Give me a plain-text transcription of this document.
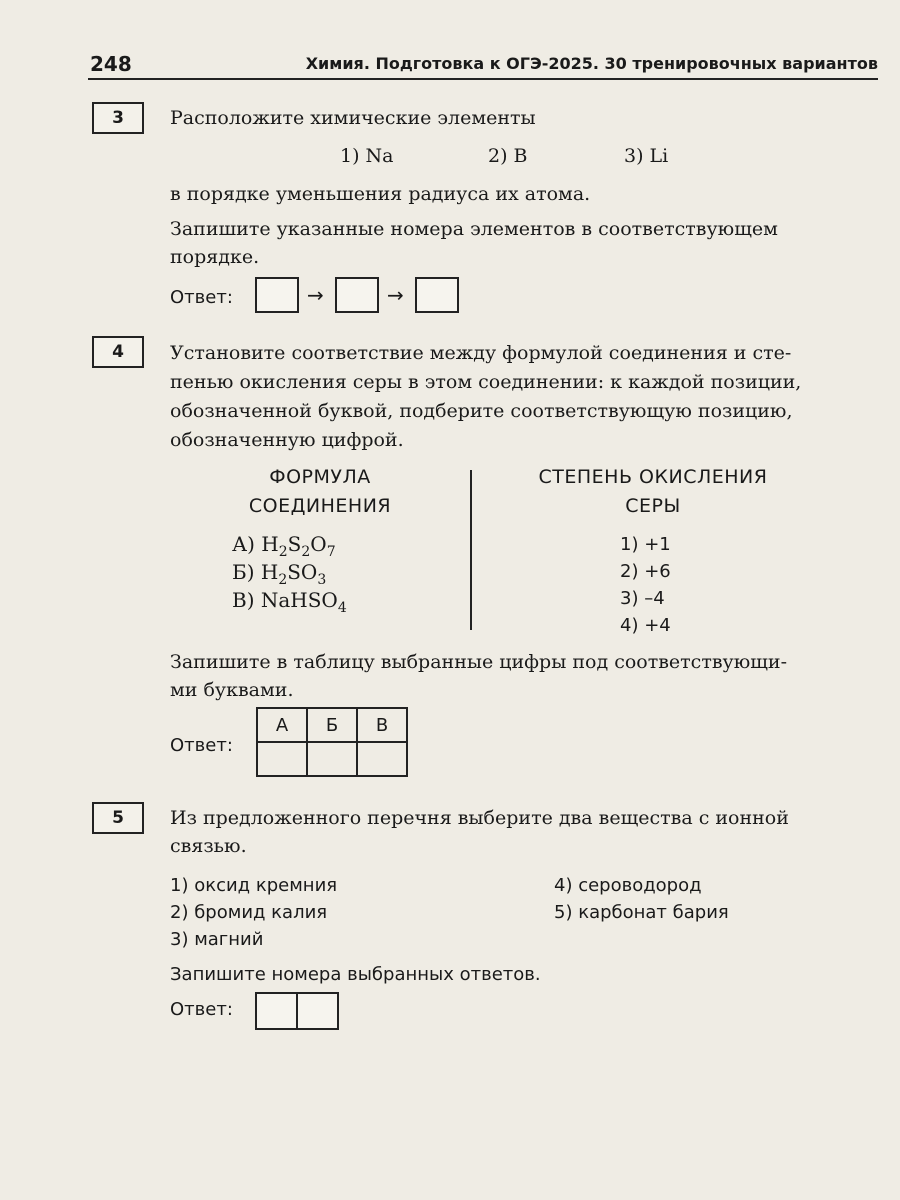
248	Химия. Подготовка к ОГЭ-2025. 30 тренировочных вариантов
3	Расположите химические элементы
1) Na	2) B	3) Li
в порядке уменьшения радиуса их атома.
Запишите указанные номера элементов в соответствующем
порядке.
Ответ:	→	→
4	Установите соответствие между формулой соединения и сте-
пенью окисления серы в этом соединении: к каждой позиции,
обозначенной буквой, подберите соответствующую позицию,
обозначенную цифрой.
ФОРМУЛА
СОЕДИНЕНИЯ
СТЕПЕНЬ ОКИСЛЕНИЯ
СЕРЫ
А) $H_2S_2O_7$
Б) $H_2SO_3$
В) NaHSO$_4$
1) +1
2) +6
3) –4
4) +4
Запишите в таблицу выбранные цифры под соответствующи-
ми буквами.
Ответ:
А	Б	В

5	Из предложенного перечня выберите два вещества с ионной
связью.
1) оксид кремния
2) бромид калия
3) магний
4) сероводород
5) карбонат бария
Запишите номера выбранных ответов.
Ответ:
